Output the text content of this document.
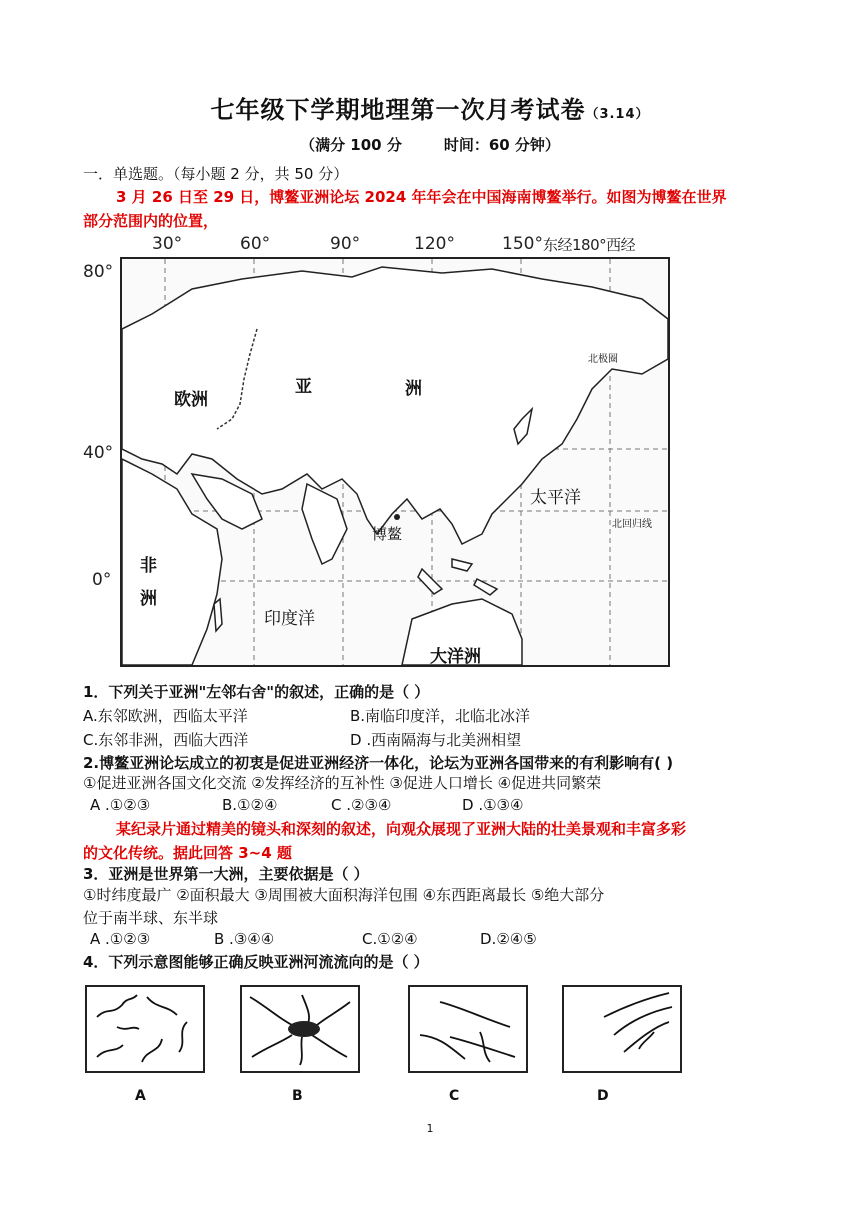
七年级下学期地理第一次月考试卷（3.14）
（满分 100 分	时间：60 分钟）
一．单选题。（每小题 2 分，共 50 分）
3 月 26 日至 29 日，博鳌亚洲论坛 2024 年年会在中国海南博鳌举行。如图为博鳌在世界
部分范围内的位置，
30°	60°	90°	120°	150° 东经180°西经
80°
40°
0°
欧洲
亚	洲
太平洋
博鳌
非
洲
印度洋
大洋洲
北极圈
北回归线
1．下列关于亚洲"左邻右舍"的叙述，正确的是（ ）
A.东邻欧洲，西临太平洋	B.南临印度洋，北临北冰洋
C.东邻非洲，西临大西洋	D .西南隔海与北美洲相望
2.博鳌亚洲论坛成立的初衷是促进亚洲经济一体化，论坛为亚洲各国带来的有利影响有( )
①促进亚洲各国文化交流 ②发挥经济的互补性 ③促进人口增长 ④促进共同繁荣
A .①②③	B.①②④	C .②③④	D .①③④
某纪录片通过精美的镜头和深刻的叙述，向观众展现了亚洲大陆的壮美景观和丰富多彩
的文化传统。据此回答 3~4 题
3．亚洲是世界第一大洲，主要依据是（ ）
①时纬度最广 ②面积最大 ③周围被大面积海洋包围 ④东西距离最长 ⑤绝大部分
位于南半球、东半球
A .①②③	B .③④④	C.①②④	D.②④⑤
4．下列示意图能够正确反映亚洲河流流向的是（ ）
A	B	C	D
1
